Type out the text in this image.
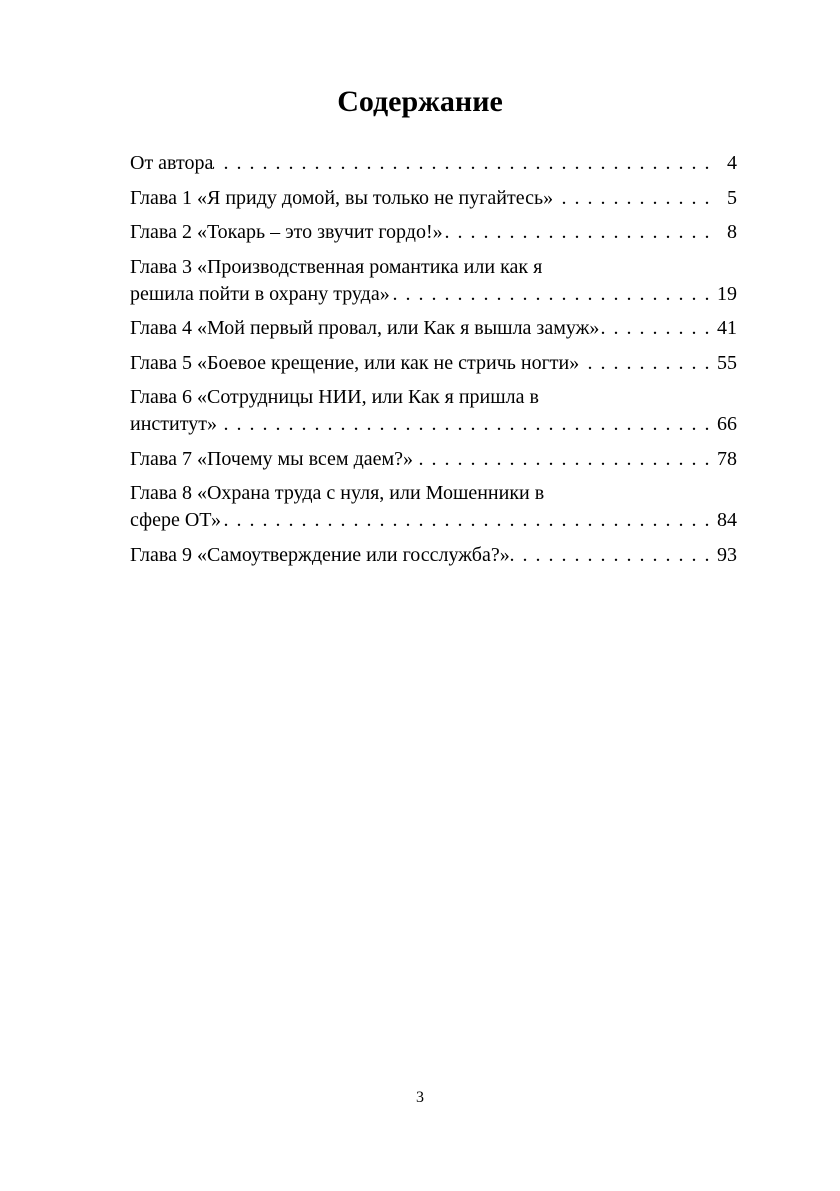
Содержание
От автора . . .	4
Глава 1 «Я приду домой, вы только не пугайтесь» . . .	5
Глава 2 «Токарь – это звучит гордо!» . . .	8
Глава 3 «Производственная романтика или как я
решила пойти в охрану труда» . . .	19
Глава 4 «Мой первый провал, или Как я вышла замуж» . . .	41
Глава 5 «Боевое крещение, или как не стричь ногти» . . .	55
Глава 6 «Сотрудницы НИИ, или Как я пришла в
институт» . . .	66
Глава 7 «Почему мы всем даем?» . . .	78
Глава 8 «Охрана труда с нуля, или Мошенники в
сфере ОТ» . . .	84
Глава 9 «Самоутверждение или госслужба?» . . .	93
3
